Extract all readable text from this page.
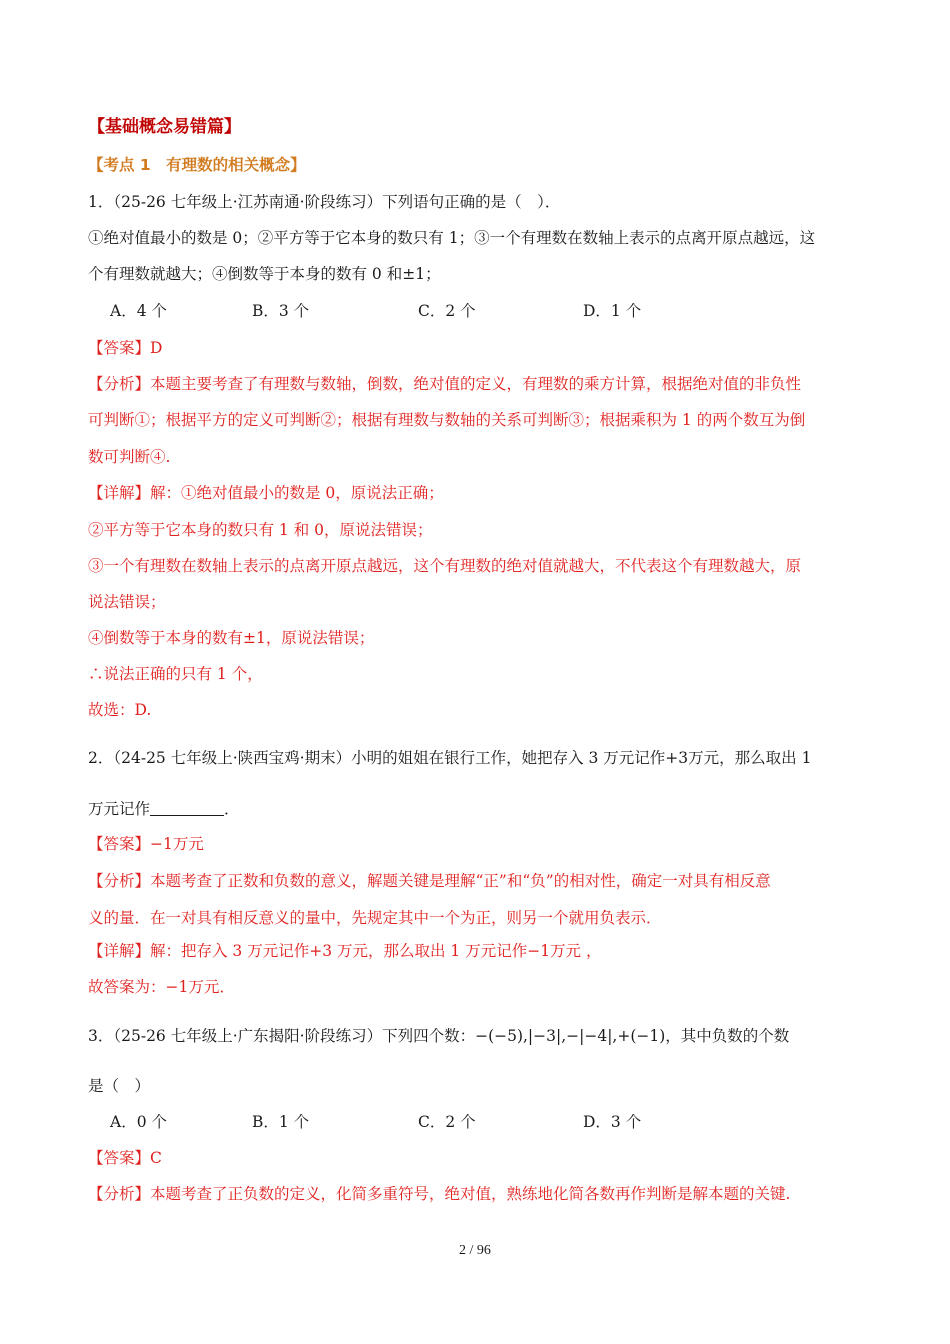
【基础概念易错篇】
【考点 1　有理数的相关概念】
1．（25-26 七年级上·江苏南通·阶段练习）下列语句正确的是（　）．
①绝对值最小的数是 0；②平方等于它本身的数只有 1；③一个有理数在数轴上表示的点离开原点越远，这
个有理数就越大；④倒数等于本身的数有 0 和±1；
A．4 个	B．3 个	C．2 个	D．1 个
【答案】D
【分析】本题主要考查了有理数与数轴，倒数，绝对值的定义，有理数的乘方计算，根据绝对值的非负性
可判断①；根据平方的定义可判断②；根据有理数与数轴的关系可判断③；根据乘积为 1 的两个数互为倒
数可判断④.
【详解】解：①绝对值最小的数是 0，原说法正确；
②平方等于它本身的数只有 1 和 0，原说法错误；
③一个有理数在数轴上表示的点离开原点越远，这个有理数的绝对值就越大，不代表这个有理数越大，原
说法错误；
④倒数等于本身的数有±1，原说法错误；
∴说法正确的只有 1 个，
故选：D.
2．（24-25 七年级上·陕西宝鸡·期末）小明的姐姐在银行工作，她把存入 3 万元记作+3万元，那么取出 1
万元记作	．
【答案】−1万元
【分析】本题考查了正数和负数的意义，解题关键是理解“正”和“负”的相对性，确定一对具有相反意
义的量．在一对具有相反意义的量中，先规定其中一个为正，则另一个就用负表示．
【详解】解：把存入 3 万元记作+3 万元，那么取出 1 万元记作−1万元 ，
故答案为：−1万元．
3．（25-26 七年级上·广东揭阳·阶段练习）下列四个数：−(−5),|−3|,−|−4|,+(−1)，其中负数的个数
是（　）
A．0 个	B．1 个	C．2 个	D．3 个
【答案】C
【分析】本题考查了正负数的定义，化简多重符号，绝对值，熟练地化简各数再作判断是解本题的关键.
2 / 96
